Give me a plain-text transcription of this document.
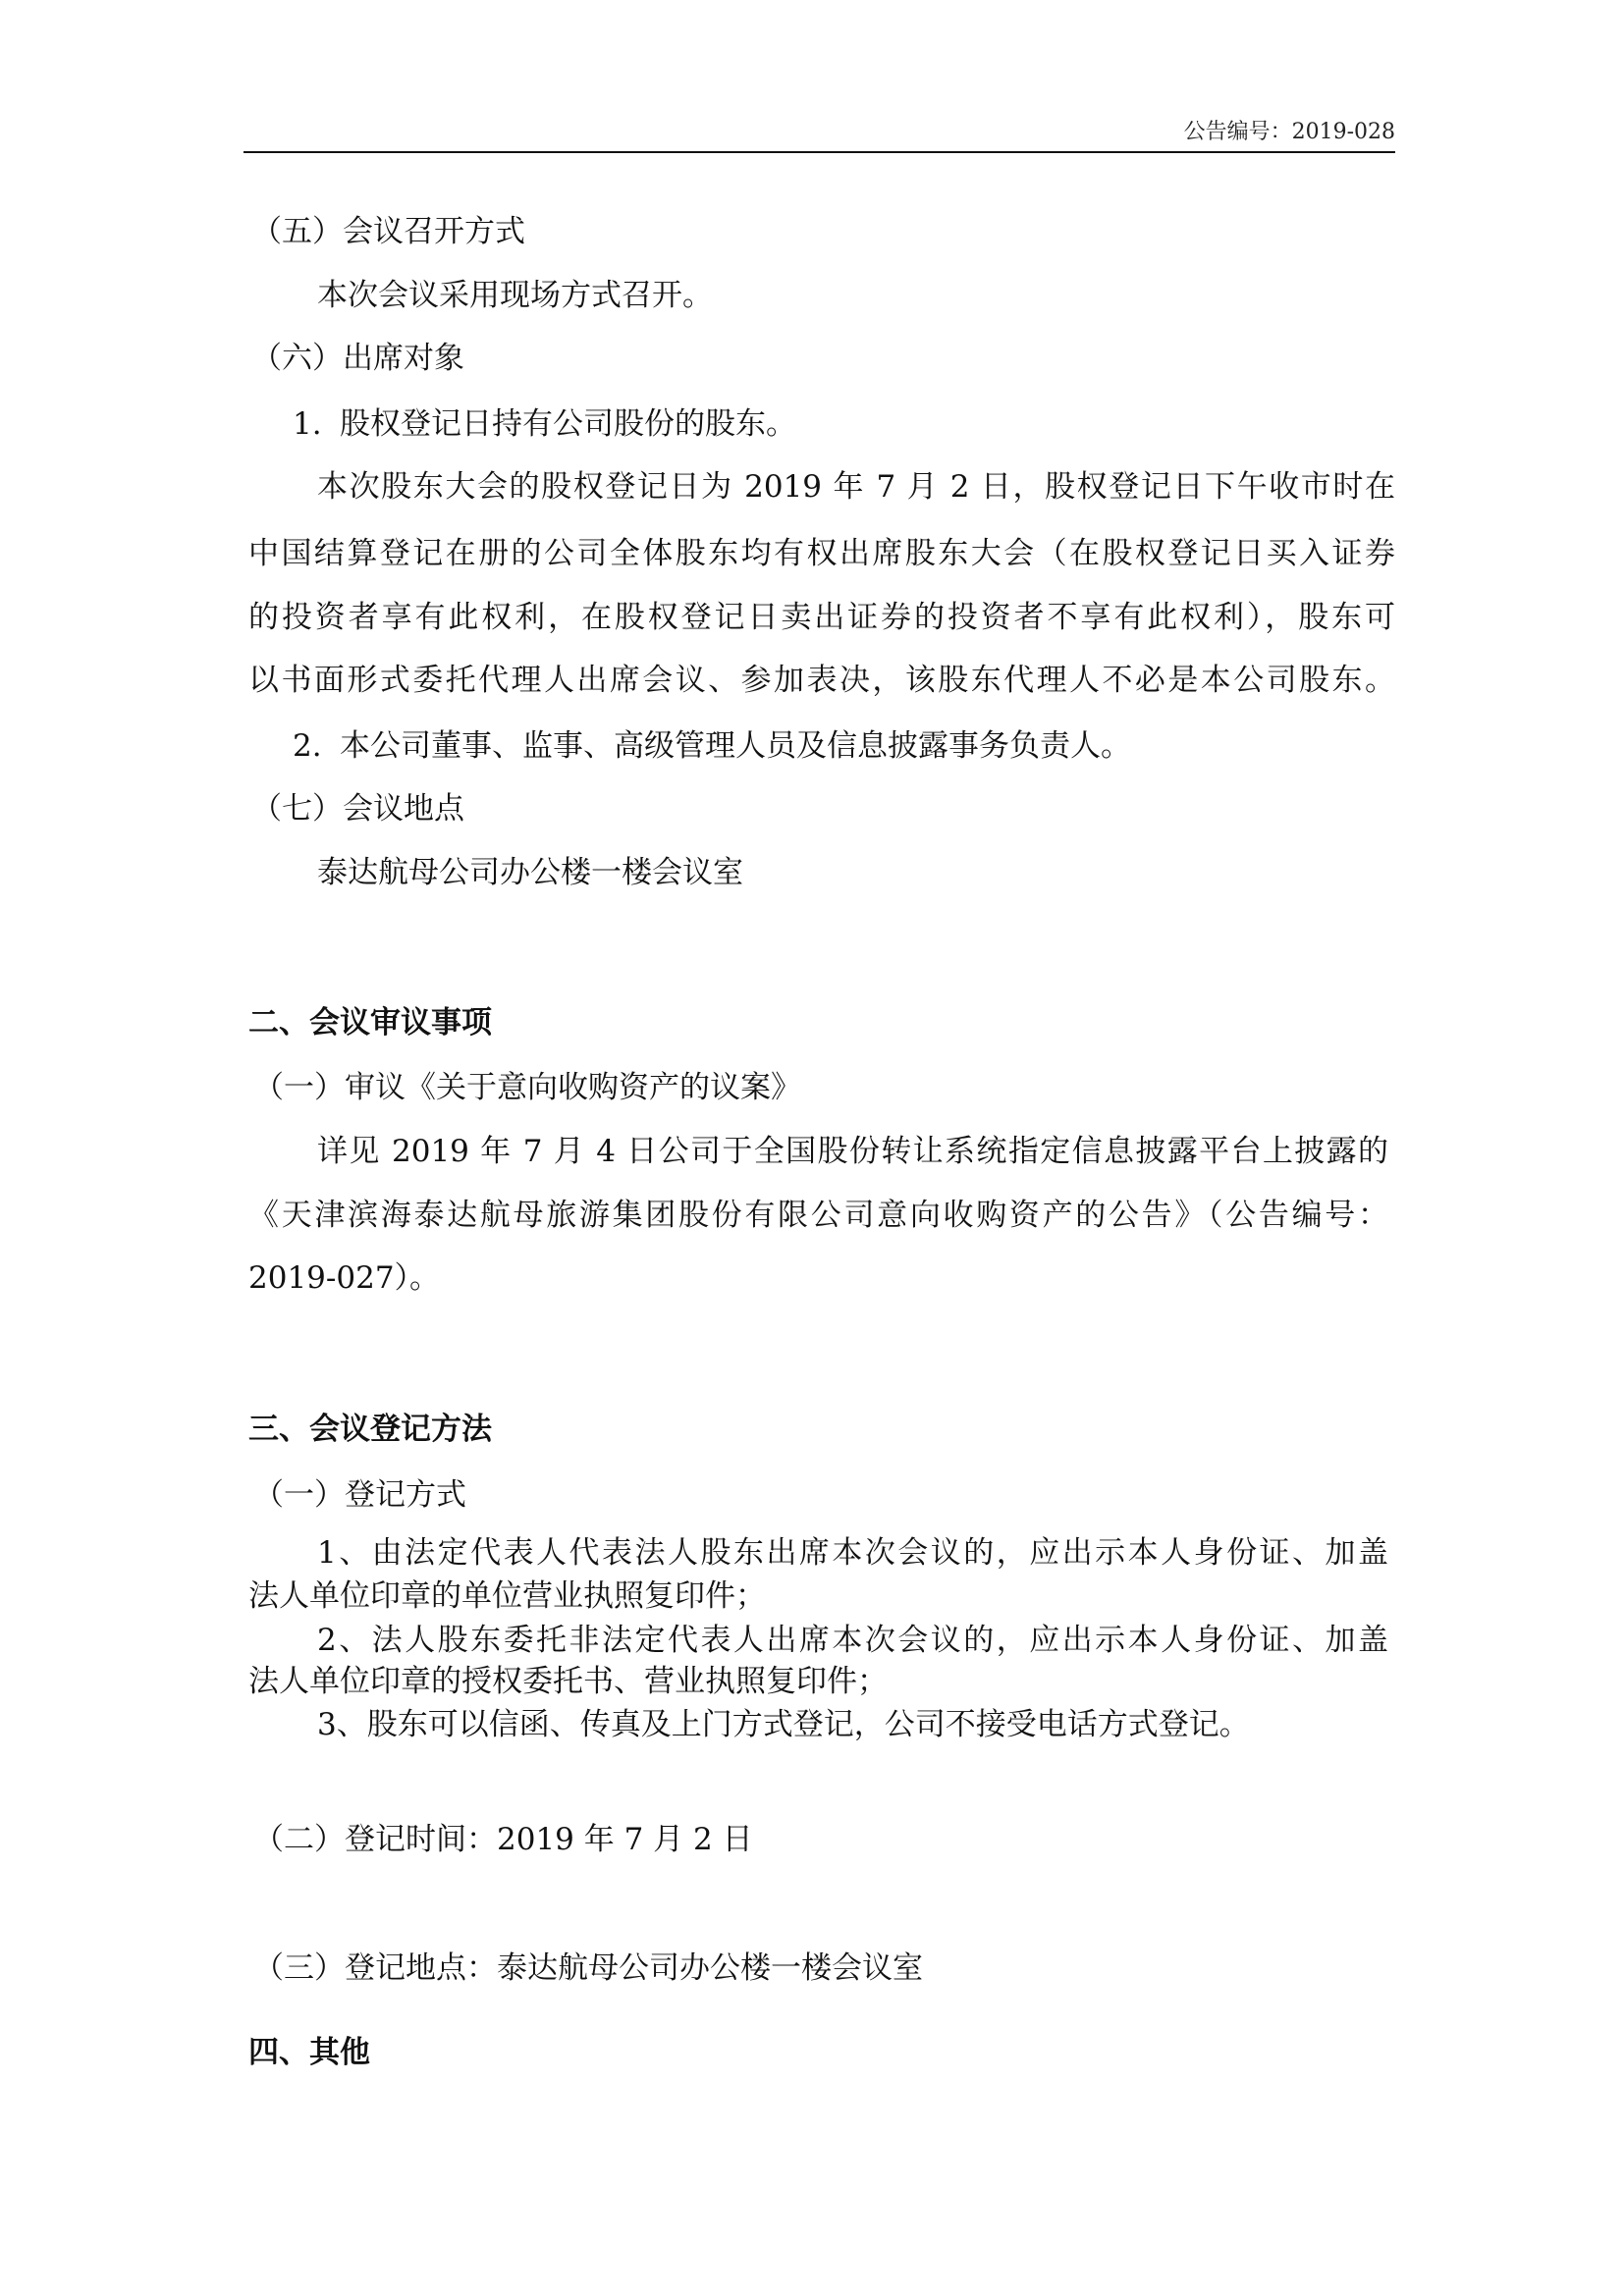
公告编号：2019-028
（五）会议召开方式
本次会议采用现场方式召开。
（六）出席对象
1. 股权登记日持有公司股份的股东。
本次股东大会的股权登记日为 2019 年 7 月 2 日，股权登记日下午收市时在
中国结算登记在册的公司全体股东均有权出席股东大会（在股权登记日买入证券
的投资者享有此权利，在股权登记日卖出证券的投资者不享有此权利），股东可
以书面形式委托代理人出席会议、参加表决，该股东代理人不必是本公司股东。
2. 本公司董事、监事、高级管理人员及信息披露事务负责人。
（七）会议地点
泰达航母公司办公楼一楼会议室
二、会议审议事项
（一）审议《关于意向收购资产的议案》
详见 2019 年 7 月 4 日公司于全国股份转让系统指定信息披露平台上披露的
《天津滨海泰达航母旅游集团股份有限公司意向收购资产的公告》（公告编号：
2019-027）。
三、会议登记方法
（一）登记方式
1、由法定代表人代表法人股东出席本次会议的，应出示本人身份证、加盖
法人单位印章的单位营业执照复印件；
2、法人股东委托非法定代表人出席本次会议的，应出示本人身份证、加盖
法人单位印章的授权委托书、营业执照复印件；
3、股东可以信函、传真及上门方式登记，公司不接受电话方式登记。
（二）登记时间：2019 年 7 月 2 日
（三）登记地点：泰达航母公司办公楼一楼会议室
四、其他
